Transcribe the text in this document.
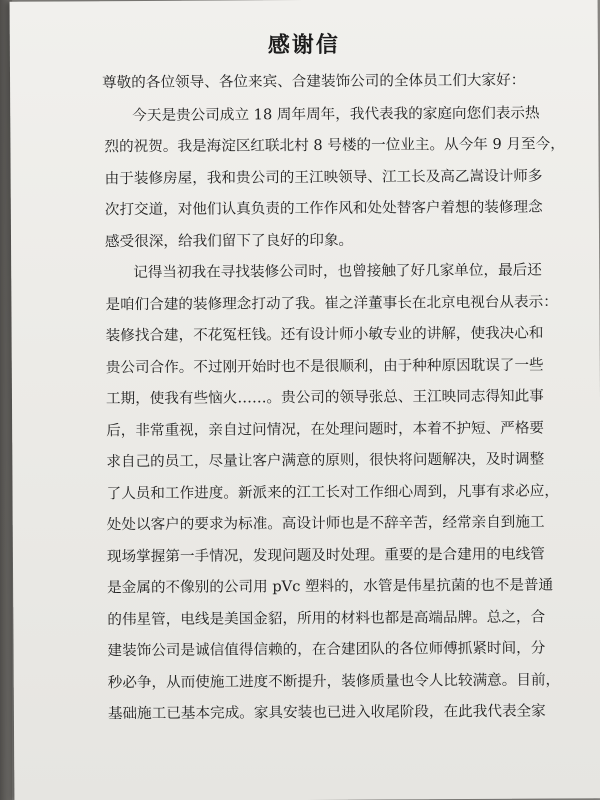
感谢信
尊敬的各位领导、各位来宾、合建装饰公司的全体员工们大家好：
今天是贵公司成立 18 周年周年，我代表我的家庭向您们表示热
烈的祝贺。我是海淀区红联北村 8 号楼的一位业主。从今年 9 月至今，
由于装修房屋，我和贵公司的王江映领导、江工长及高乙嵩设计师多
次打交道，对他们认真负责的工作作风和处处替客户着想的装修理念
感受很深，给我们留下了良好的印象。
记得当初我在寻找装修公司时，也曾接触了好几家单位，最后还
是咱们合建的装修理念打动了我。崔之洋董事长在北京电视台从表示：
装修找合建，不花冤枉钱。还有设计师小敏专业的讲解，使我决心和
贵公司合作。不过刚开始时也不是很顺利，由于种种原因耽误了一些
工期，使我有些恼火……。贵公司的领导张总、王江映同志得知此事
后，非常重视，亲自过问情况，在处理问题时，本着不护短、严格要
求自己的员工，尽量让客户满意的原则，很快将问题解决，及时调整
了人员和工作进度。新派来的江工长对工作细心周到，凡事有求必应，
处处以客户的要求为标准。高设计师也是不辞辛苦，经常亲自到施工
现场掌握第一手情况，发现问题及时处理。重要的是合建用的电线管
是金属的不像别的公司用 pVc 塑料的，水管是伟星抗菌的也不是普通
的伟星管，电线是美国金貂，所用的材料也都是高端品牌。总之，合
建装饰公司是诚信值得信赖的，在合建团队的各位师傅抓紧时间，分
秒必争，从而使施工进度不断提升，装修质量也令人比较满意。目前，
基础施工已基本完成。家具安装也已进入收尾阶段，在此我代表全家
